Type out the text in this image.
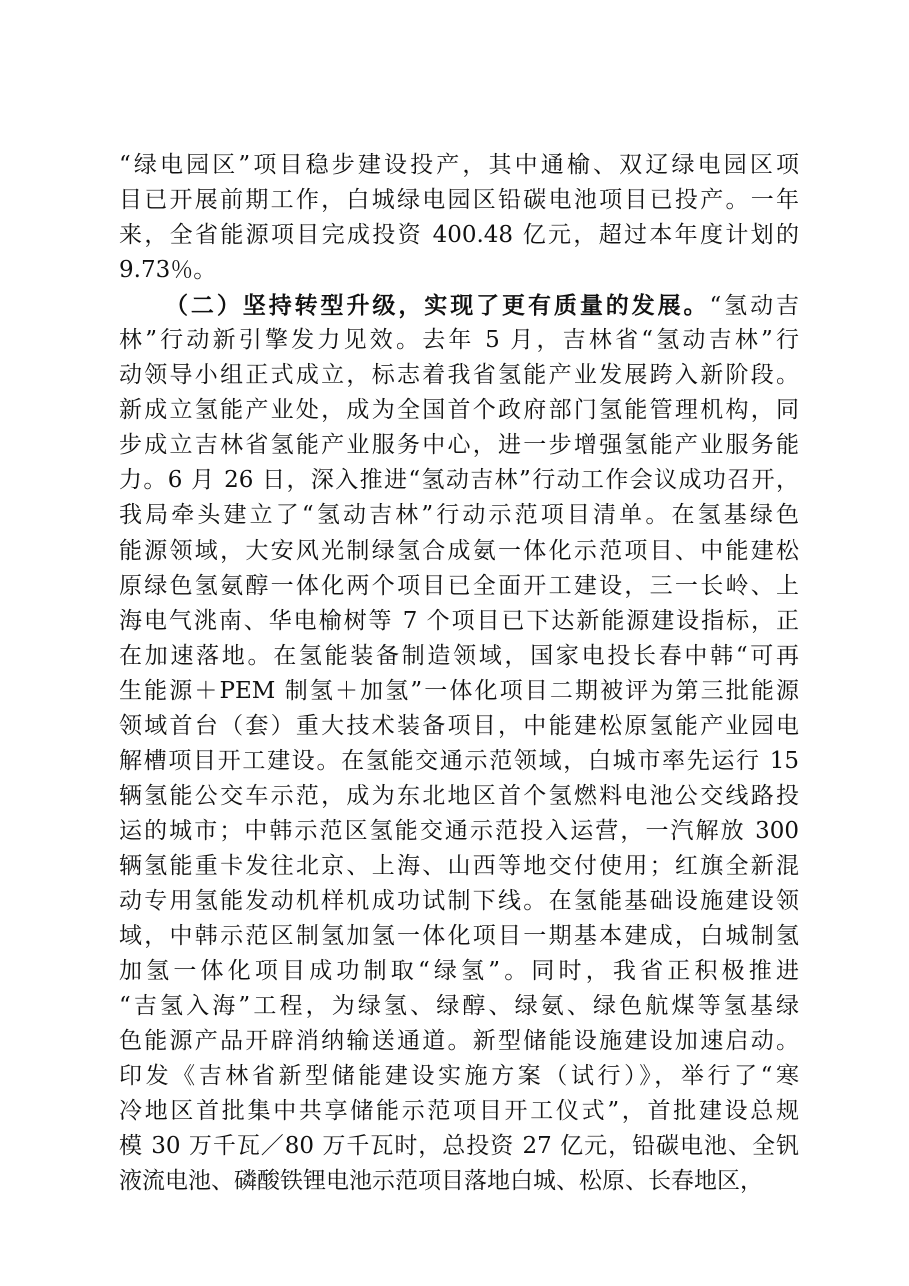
“绿电园区”项目稳步建设投产，其中通榆、双辽绿电园区项
目已开展前期工作，白城绿电园区铅碳电池项目已投产。一年
来，全省能源项目完成投资 400.48 亿元，超过本年度计划的
9.73％。
（二）坚持转型升级，实现了更有质量的发展。“氢动吉
林”行动新引擎发力见效。去年 5 月，吉林省“氢动吉林”行
动领导小组正式成立，标志着我省氢能产业发展跨入新阶段。
新成立氢能产业处，成为全国首个政府部门氢能管理机构，同
步成立吉林省氢能产业服务中心，进一步增强氢能产业服务能
力。6 月 26 日，深入推进“氢动吉林”行动工作会议成功召开，
我局牵头建立了“氢动吉林”行动示范项目清单。在氢基绿色
能源领域，大安风光制绿氢合成氨一体化示范项目、中能建松
原绿色氢氨醇一体化两个项目已全面开工建设，三一长岭、上
海电气洮南、华电榆树等 7 个项目已下达新能源建设指标，正
在加速落地。在氢能装备制造领域，国家电投长春中韩“可再
生能源＋PEM 制氢＋加氢”一体化项目二期被评为第三批能源
领域首台（套）重大技术装备项目，中能建松原氢能产业园电
解槽项目开工建设。在氢能交通示范领域，白城市率先运行 15
辆氢能公交车示范，成为东北地区首个氢燃料电池公交线路投
运的城市；中韩示范区氢能交通示范投入运营，一汽解放 300
辆氢能重卡发往北京、上海、山西等地交付使用；红旗全新混
动专用氢能发动机样机成功试制下线。在氢能基础设施建设领
域，中韩示范区制氢加氢一体化项目一期基本建成，白城制氢
加氢一体化项目成功制取“绿氢”。同时，我省正积极推进
“吉氢入海”工程，为绿氢、绿醇、绿氨、绿色航煤等氢基绿
色能源产品开辟消纳输送通道。新型储能设施建设加速启动。
印发《吉林省新型储能建设实施方案（试行）》，举行了“寒
冷地区首批集中共享储能示范项目开工仪式”，首批建设总规
模 30 万千瓦／80 万千瓦时，总投资 27 亿元，铅碳电池、全钒
液流电池、磷酸铁锂电池示范项目落地白城、松原、长春地区，
